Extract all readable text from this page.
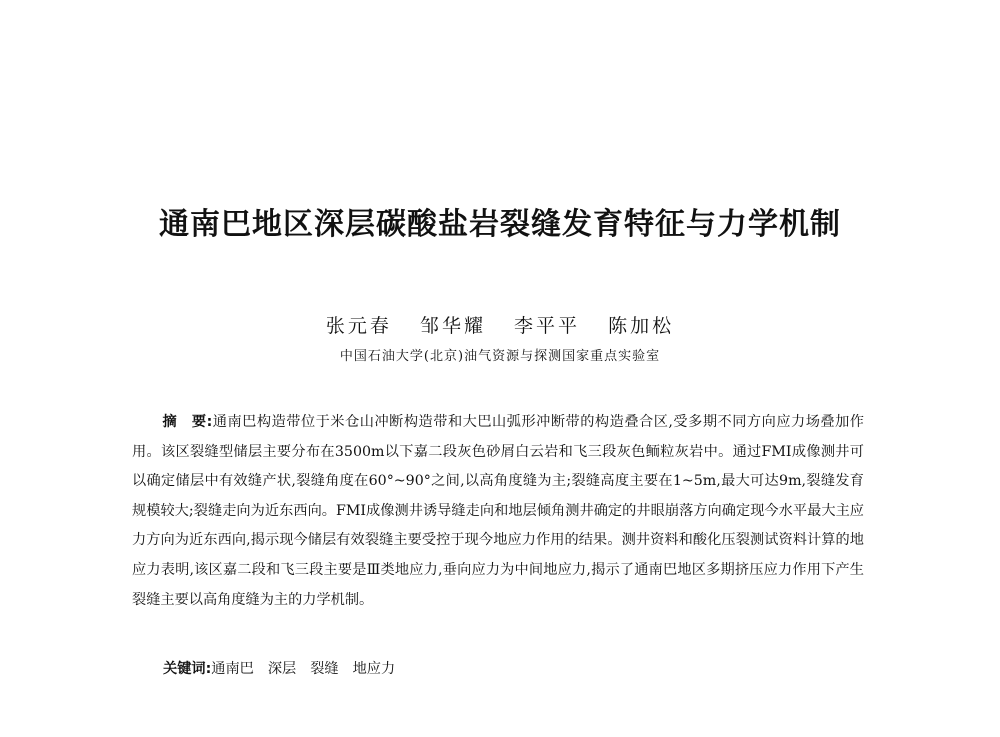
通南巴地区深层碳酸盐岩裂缝发育特征与力学机制
张元春 邹华耀 李平平 陈加松
中国石油大学(北京)油气资源与探测国家重点实验室

摘　要:通南巴构造带位于米仓山冲断构造带和大巴山弧形冲断带的构造叠合区,受多期不同方向应力场叠加作用。该区裂缝型储层主要分布在3500m以下嘉二段灰色砂屑白云岩和飞三段灰色鲕粒灰岩中。通过FMI成像测井可以确定储层中有效缝产状,裂缝角度在60°~90°之间,以高角度缝为主;裂缝高度主要在1~5m,最大可达9m,裂缝发育规模较大;裂缝走向为近东西向。FMI成像测井诱导缝走向和地层倾角测井确定的井眼崩落方向确定现今水平最大主应力方向为近东西向,揭示现今储层有效裂缝主要受控于现今地应力作用的结果。测井资料和酸化压裂测试资料计算的地应力表明,该区嘉二段和飞三段主要是Ⅲ类地应力,垂向应力为中间地应力,揭示了通南巴地区多期挤压应力作用下产生裂缝主要以高角度缝为主的力学机制。

关键词:通南巴 深层 裂缝 地应力
